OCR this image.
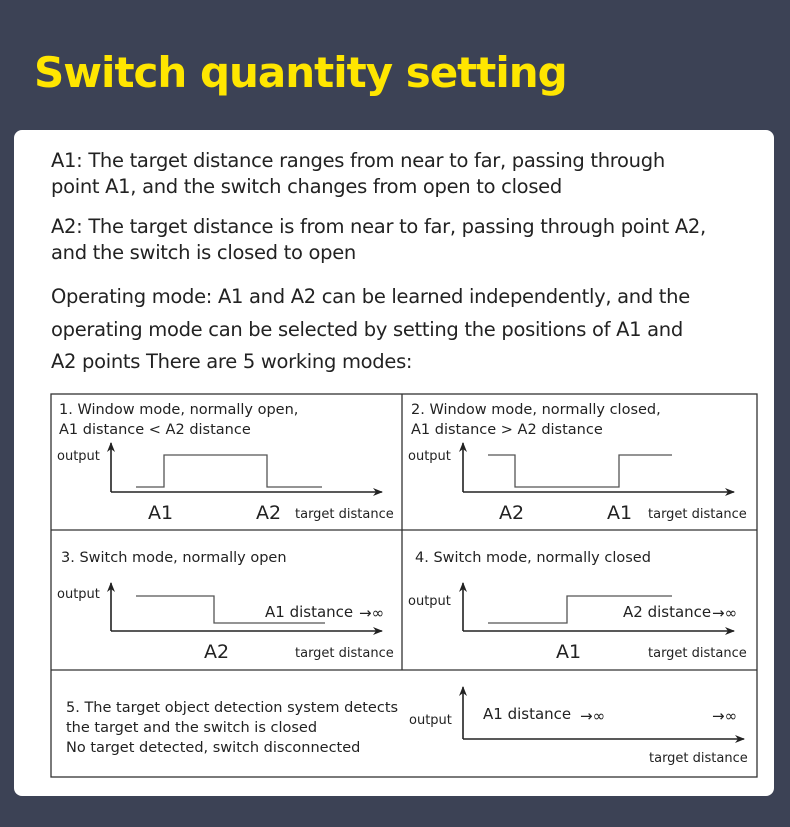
Switch quantity setting

A1: The target distance ranges from near to far, passing through
point A1, and the switch changes from open to closed

A2: The target distance is from near to far, passing through point A2,
and the switch is closed to open

Operating mode: A1 and A2 can be learned independently, and the
operating mode can be selected by setting the positions of A1 and
A2 points There are 5 working modes:

1. Window mode, normally open,
A1 distance < A2 distance
output
A1	A2 target distance
2. Window mode, normally closed,
A1 distance > A2 distance
output
A2	A1 target distance
3. Switch mode, normally open
output
A1 distance →∞
A2	target distance
4. Switch mode, normally closed
output
A2 distance →∞
A1	target distance
5. The target object detection system detects
the target and the switch is closed
No target detected, switch disconnected
output A1 distance →∞	→∞
target distance
